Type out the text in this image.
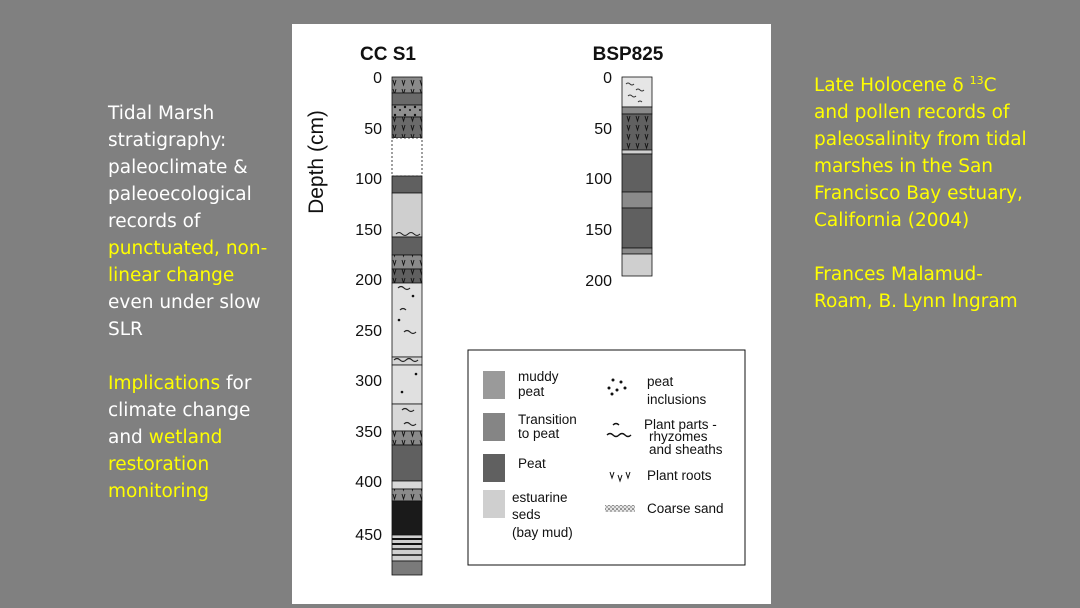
Tidal Marsh stratigraphy: paleoclimate & paleoecological records of punctuated, non-linear change even under slow SLR

Implications for climate change and wetland restoration monitoring

Late Holocene δ $^{13}$C and pollen records of paleosalinity from tidal marshes in the San Francisco Bay estuary, California (2004)

Frances Malamud-Roam, B. Lynn Ingram

Depth (cm)
CC S1
0
50
100
150
200
250
300
350
400
450
BSP825
0
50
100
150
200
muddy
peat
Transition
to peat
Peat
estuarine
seds
(bay mud)
peat
inclusions
Plant parts -
rhyzomes
and sheaths
Plant roots
Coarse sand
